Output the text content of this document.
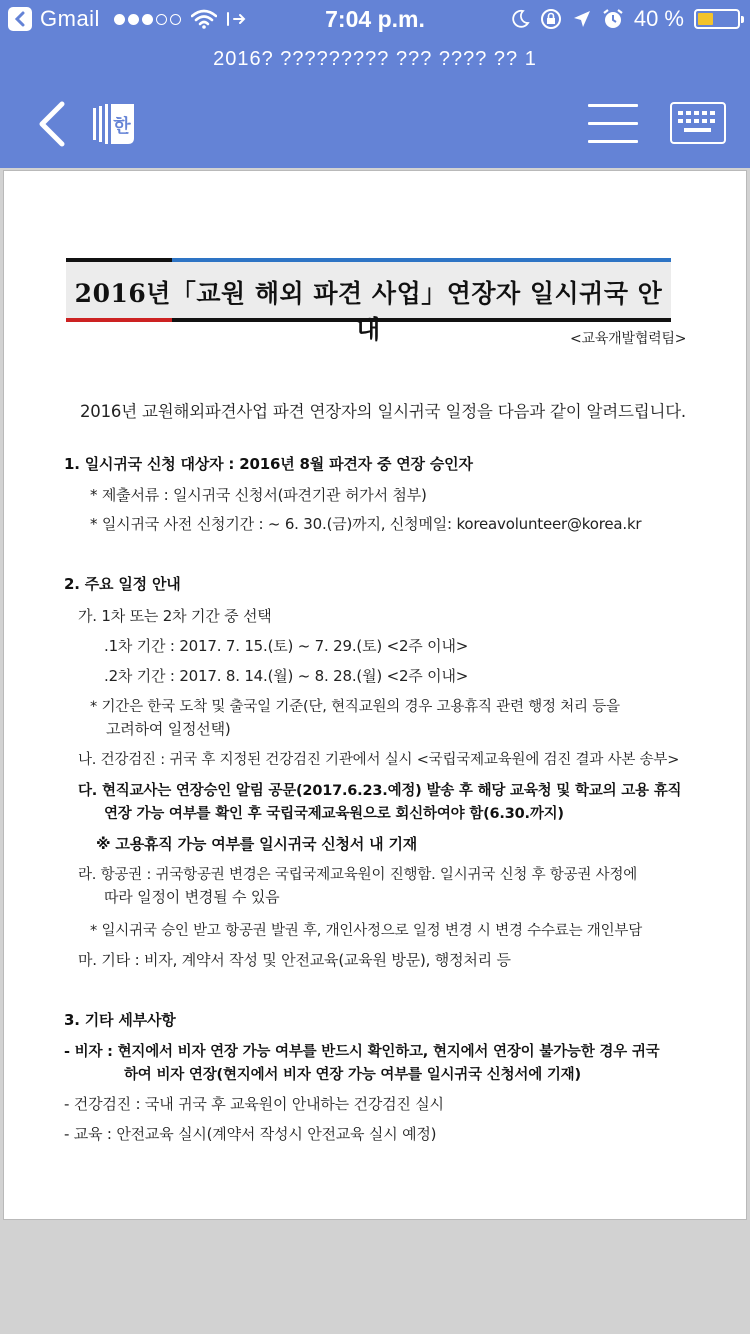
Gmail	7:04 p.m.	40 %
2016? ????????? ??? ???? ?? 1
한
2016년「교원 해외 파견 사업」연장자 일시귀국 안내	<교육개발협력팀>
2016년 교원해외파견사업 파견 연장자의 일시귀국 일정을 다음과 같이 알려드립니다.
1. 일시귀국 신청 대상자 : 2016년 8월 파견자 중 연장 승인자
* 제출서류 : 일시귀국 신청서(파견기관 허가서 첨부)
* 일시귀국 사전 신청기간 : ~ 6. 30.(금)까지, 신청메일: koreavolunteer@korea.kr
2. 주요 일정 안내
가. 1차 또는 2차 기간 중 선택
.1차 기간 : 2017. 7. 15.(토) ~ 7. 29.(토) <2주 이내>
.2차 기간 : 2017. 8. 14.(월) ~ 8. 28.(월) <2주 이내>
* 기간은 한국 도착 및 출국일 기준(단, 현직교원의 경우 고용휴직 관련 행정 처리 등을
고려하여 일정선택)
나. 건강검진 : 귀국 후 지정된 건강검진 기관에서 실시 <국립국제교육원에 검진 결과 사본 송부>
다. 현직교사는 연장승인 알림 공문(2017.6.23.예정) 발송 후 해당 교육청 및 학교의 고용 휴직
연장 가능 여부를 확인 후 국립국제교육원으로 회신하여야 함(6.30.까지)
※ 고용휴직 가능 여부를 일시귀국 신청서 내 기재
라. 항공권 : 귀국항공권 변경은 국립국제교육원이 진행함. 일시귀국 신청 후 항공권 사정에
따라 일정이 변경될 수 있음
* 일시귀국 승인 받고 항공권 발권 후, 개인사정으로 일정 변경 시 변경 수수료는 개인부담
마. 기타 : 비자, 계약서 작성 및 안전교육(교육원 방문), 행정처리 등
3. 기타 세부사항
- 비자 : 현지에서 비자 연장 가능 여부를 반드시 확인하고, 현지에서 연장이 불가능한 경우 귀국
하여 비자 연장(현지에서 비자 연장 가능 여부를 일시귀국 신청서에 기재)
- 건강검진 : 국내 귀국 후 교육원이 안내하는 건강검진 실시
- 교육 : 안전교육 실시(계약서 작성시 안전교육 실시 예정)
